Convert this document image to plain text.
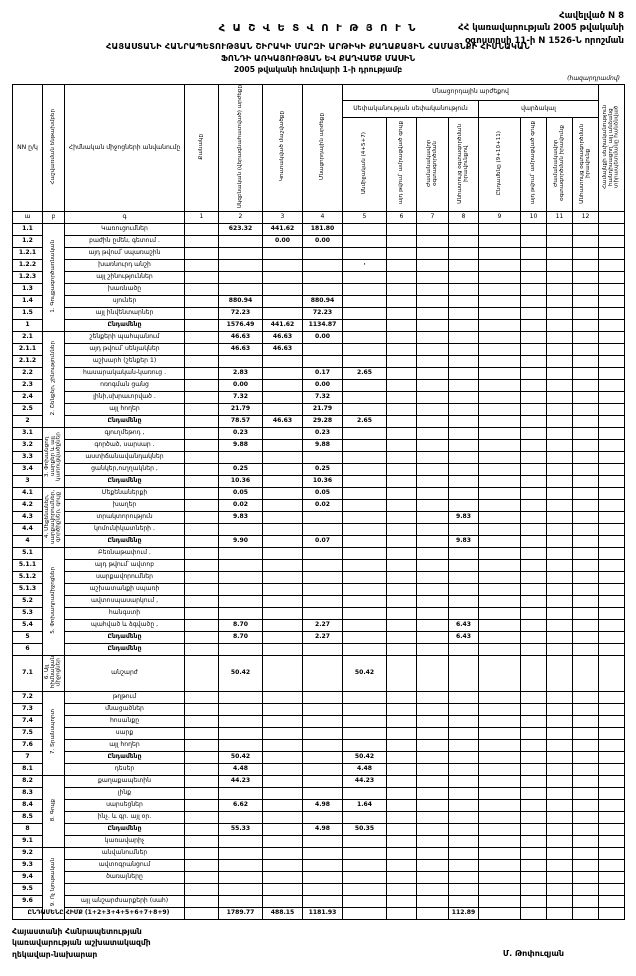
Հավելված N 8
ՀՀ կառավարության 2005 թվականի
օգոստոսի 11-ի N 1526-Ն որոշման
Հ Ա Շ Վ Ե Տ Վ Ո Ւ Թ Յ Ո Ւ Ն
ՀԱՅԱՍՏԱՆԻ ՀԱՆՐԱՊԵՏՈՒԹՅԱՆ ՇԻՐԱԿԻ ՄԱՐԶԻ ԱՐԹԻԿԻ ՔԱՂԱՔԱՅԻՆ ՀԱՄԱՅՆՔԻ ՀԻՄՆԱԿԱՆ
ՖՈՆԴԻ ԱՌԿԱՅՈՒԹՅԱՆ ԵՎ ՔԱՂՎԱԾՔ ՄԱՍԻՆ
2005 թվականի հունվարի 1-ի դրությամբ
(հազարդրամով)
NN ը/կ	Հաշվառման ենթախմբեր	Հիմնական միջոցների անվանումը	Քանակը	Սկզբնական (վերագնահատված) արժեքը	Կուտակված մաշվածքը	Մնացորդային արժեքը	Մնացորդային արժեքով								Համայնքի սեփականություն հանդիսացող՝ այլ անձանց տիրապետմանը հանձնված
							Սեփականության սեփականություն				վարձակալ				
							Անմիջական (4+5+7)	այդ թվում՝ ամրացված գույք	Ժամանակավոր օգտագործման	Անհատույց օգտագործման իրավունքով	Ընդամենը (9+10+11)	այդ թվում՝ ամրացված գույք	Ժամանակավոր օգտագործման իրավունք	Անհատույց օգտագործման իրավունք	
ա	բ	գ	1	2	3	4	5	6	7	8	9	10	11	12	
1.1	1. Գույքագործառնական	Կառուցումներ		623.32	441.62	181.80									
1.2		բաժին ըմեն, գետում .			0.00	0.00									
1.2.1		այդ թվում՝ սպառաշին													
1.2.2		խառնուրդ անշի					·								
1.2.3		այլ շինություններ													
1.3		խառնածը													
1.4		սյուներ		880.94		880.94									
1.5		այլ ինվենտարներ		72.23		72.23									
1		Ընդամենը		1576.49	441.62	1134.87									
2.1	2. Շենքեր, շինություններ	շենքերի պահպանում		46.63	46.63	0.00									
2.1.1		այդ թվում՝ սենյակներ		46.63	46.63										
2.1.2		աշխարհ (շենքեր 1)													
2.2		հասարակական-կառուց .		2.83		0.17	2.65								
2.3		ոռոգման ցանց		0.00		0.00									
2.4		լինի,սխրաւորված .		7.32		7.32									
2.5		այլ հողեր		21.79		21.79									
2		Ընդամենը		78.57	46.63	29.28	2.65								
3.1	3. Փոխանցող սարքեր և այլ կառուցվածքներ	գյուղմեթոդ ,		0.23		0.23									
3.2		գործած, սարսար .		9.88		9.88									
3.3		աստիճանավանդակներ													
3.4		ցանկեր,ուղղակներ ,		0.25		0.25									
3		Ընդամենը		10.36		10.36									
4.1	4. Մեքենաներ, սարքավորումներ, գործիքներ, գույք	Մեքենաներքի		0.05		0.05									
4.2		խաղեր		0.02		0.02									
4.3		տրակտորություն		9.83						9.83					
4.4		կոմունիկատների .													
4		Ընդամենը		9.90		0.07				9.83					
5.1	5. Փոխադրամիջոցներ	Բեռնաթափում .													
5.1.1		այդ թվում՝ ավտոբ													
5.1.2		սարքավորումներ													
5.1.3		աշխատանքի սպառի													
5.2		ավտոսպասարկում ,													
5.3		հանգստի													
5.4		պահված և ձգվածը ,		8.70		2.27				6.43					
5		Ընդամենը		8.70		2.27				6.43					
6		Ընդամենը													
7.1	6. Այլ հիմնական միջոցներ	անշարժ		50.42			50.42								
7.2	7. Տրանսպորտ	թղթում													
7.3		մնացածներ													
7.4		հոսանքը													
7.5		սարք													
7.6		այլ հողեր													
7		Ընդամենը		50.42			50.42								
8.1		դեսեր		4.48			4.48								
8.2	8. Գույք	քաղաքապետին		44.23			44.23								
8.3		լինք													
8.4		սարսեցներ		6.62		4.98	1.64								
8.5		ինչ. և գր. այլ օր.													
8		Ընդամենը		55.33		4.98	50.35								
9.1		կառավարիչ													
9.2	9. Ոչ նյութական	անվանումներ													
9.3		ավտոգրանցում													
9.4		ծառայները													
9.5															
9.6		այլ անշարժսարքերի (սահ)													
ԸՆԴԱՄԵՆԸ ՀԻՄՔ (1+2+3+4+5+6+7+8+9)				1789.77	488.15	1181.93				112.89					
Հայաստանի Հանրապետության
կառավարության աշխատակազմի
ղեկավար-նախարար	Մ. Թոփուզյան
